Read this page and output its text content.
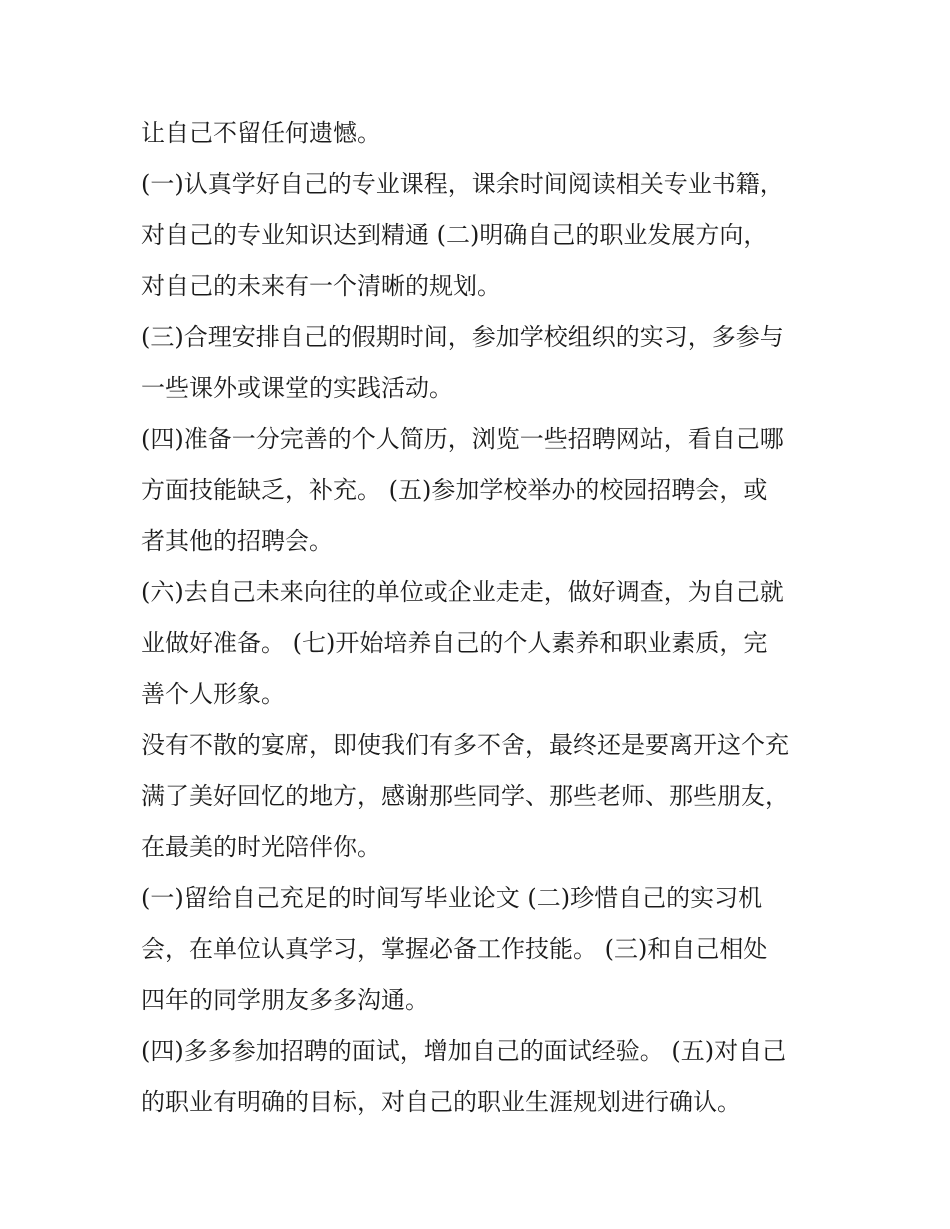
让自己不留任何遗憾。
(一)认真学好自己的专业课程，课余时间阅读相关专业书籍，
对自己的专业知识达到精通 (二)明确自己的职业发展方向，
对自己的未来有一个清晰的规划。
(三)合理安排自己的假期时间，参加学校组织的实习，多参与
一些课外或课堂的实践活动。
(四)准备一分完善的个人简历，浏览一些招聘网站，看自己哪
方面技能缺乏，补充。 (五)参加学校举办的校园招聘会，或
者其他的招聘会。
(六)去自己未来向往的单位或企业走走，做好调查，为自己就
业做好准备。 (七)开始培养自己的个人素养和职业素质，完
善个人形象。
没有不散的宴席，即使我们有多不舍，最终还是要离开这个充
满了美好回忆的地方，感谢那些同学、那些老师、那些朋友，
在最美的时光陪伴你。
(一)留给自己充足的时间写毕业论文 (二)珍惜自己的实习机
会，在单位认真学习，掌握必备工作技能。 (三)和自己相处
四年的同学朋友多多沟通。
(四)多多参加招聘的面试，增加自己的面试经验。 (五)对自己
的职业有明确的目标，对自己的职业生涯规划进行确认。
